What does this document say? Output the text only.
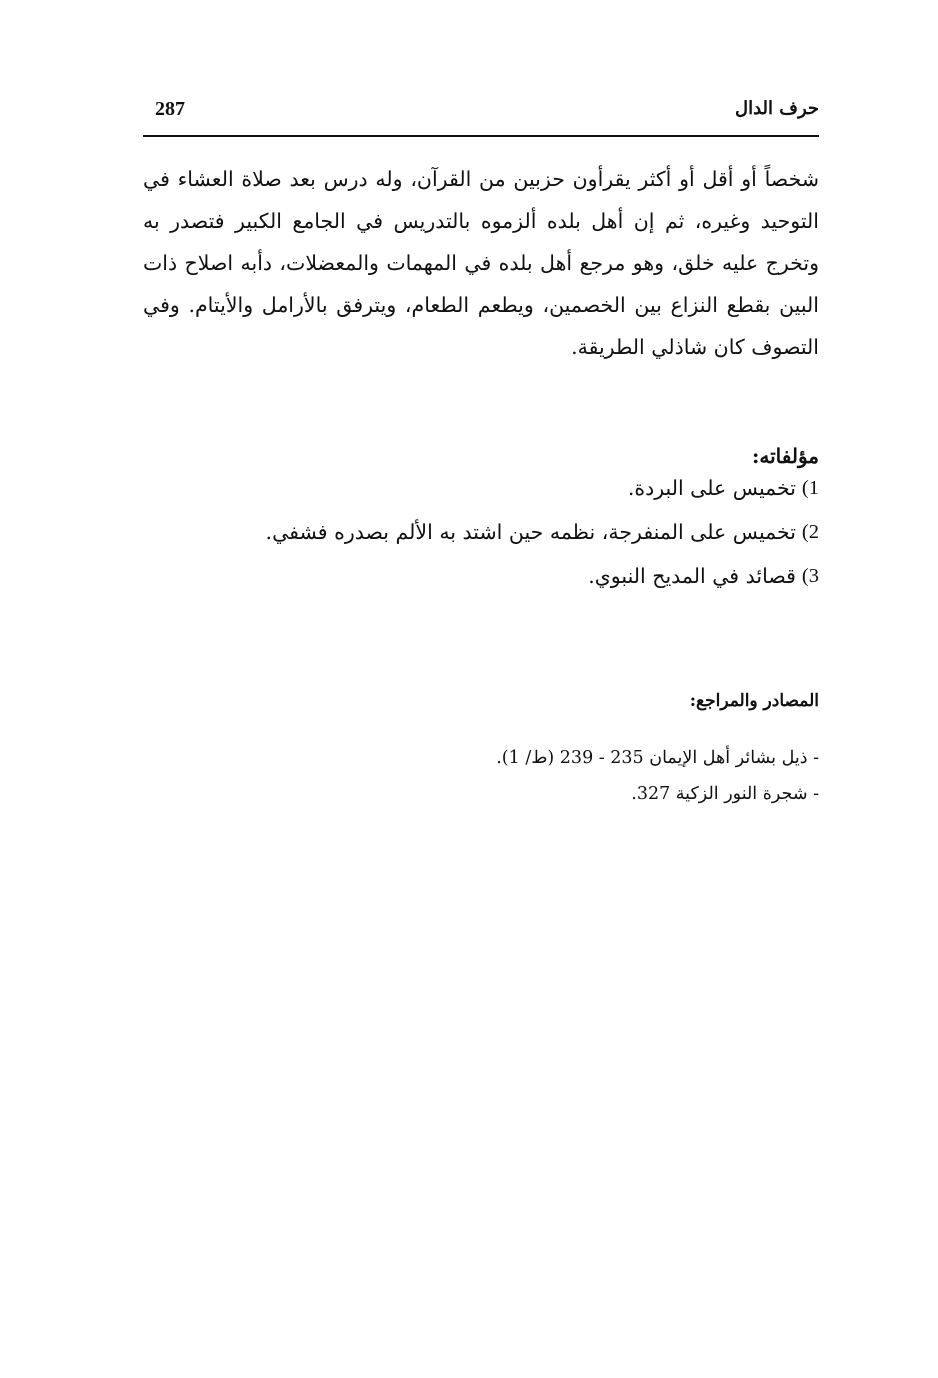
287	حرف الدال

شخصاً أو أقل أو أكثر يقرأون حزبين من القرآن، وله درس بعد صلاة العشاء في التوحيد وغيره، ثم إن أهل بلده ألزموه بالتدريس في الجامع الكبير فتصدر به وتخرج عليه خلق، وهو مرجع أهل بلده في المهمات والمعضلات، دأبه اصلاح ذات البين بقطع النزاع بين الخصمين، ويطعم الطعام، ويترفق بالأرامل والأيتام. وفي التصوف كان شاذلي الطريقة.

مؤلفاته:
1)
تخميس على البردة.
2)
تخميس على المنفرجة، نظمه حين اشتد به الألم بصدره فشفي.
3)
قصائد في المديح النبوي.
المصادر والمراجع:
- ذيل بشائر أهل الإيمان 235 - 239 (ط/ 1).
- شجرة النور الزكية 327.
